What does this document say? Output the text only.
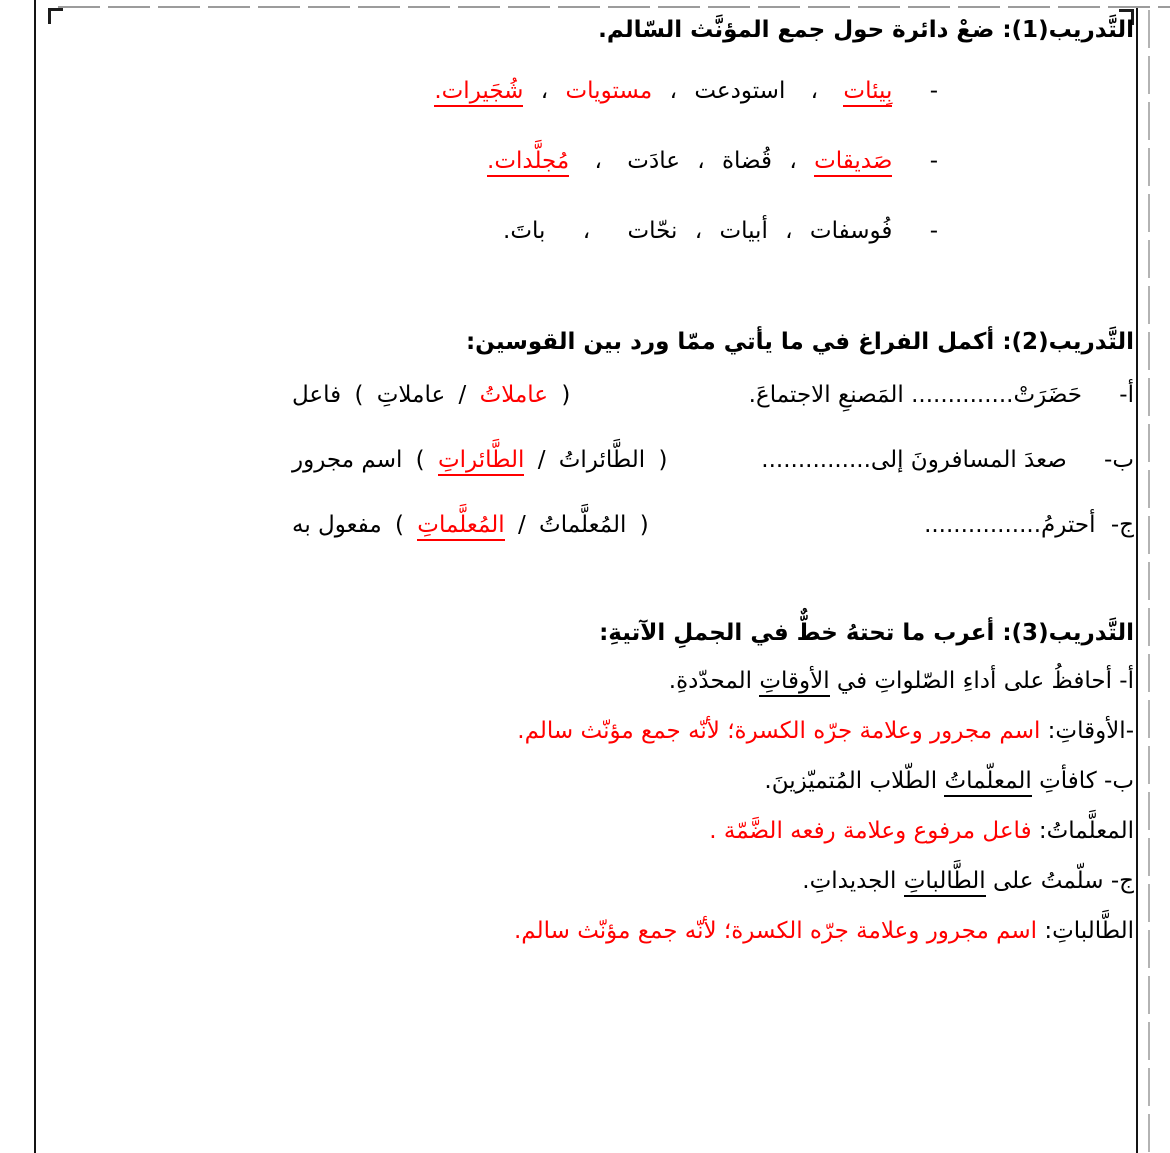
التَّدريب(1): ضعْ دائرة حول جمع المؤنَّث السّالم.
- بِيئات ، استودعت ، مستويات ، شُجَيرات.
- صَديقات ، قُضاة ، عادَت ، مُجلَّدات.
- فُوسفات ، أبيات ، نحّات ، باتَ.
التَّدريب(2): أكمل الفراغ في ما يأتي ممّا ورد بين القوسين:
أ- حَضَرَتْ.............. المَصنعِ الاجتماعَ.
( عاملاتُ / عاملاتِ ) فاعل
ب- صعدَ المسافرونَ إلى...............
( الطَّائراتُ / الطَّائراتِ ) اسم مجرور
ج- أحترمُ................
( المُعلَّماتُ / المُعلَّماتِ ) مفعول به
التَّدريب(3): أعرب ما تحتهُ خطٌّ في الجملِ الآتيةِ:
أ- أحافظُ على أداءِ الصّلواتِ في الأوقاتِ المحدّدةِ.
-الأوقاتِ: اسم مجرور وعلامة جرّه الكسرة؛ لأنّه جمع مؤنّث سالم.
ب- كافأتِ المعلّماتُ الطّلاب المُتميّزينَ.
المعلَّماتُ: فاعل مرفوع وعلامة رفعه الضَّمّة .
ج- سلّمتُ على الطَّالباتِ الجديداتِ.
الطَّالباتِ: اسم مجرور وعلامة جرّه الكسرة؛ لأنّه جمع مؤنّث سالم.
